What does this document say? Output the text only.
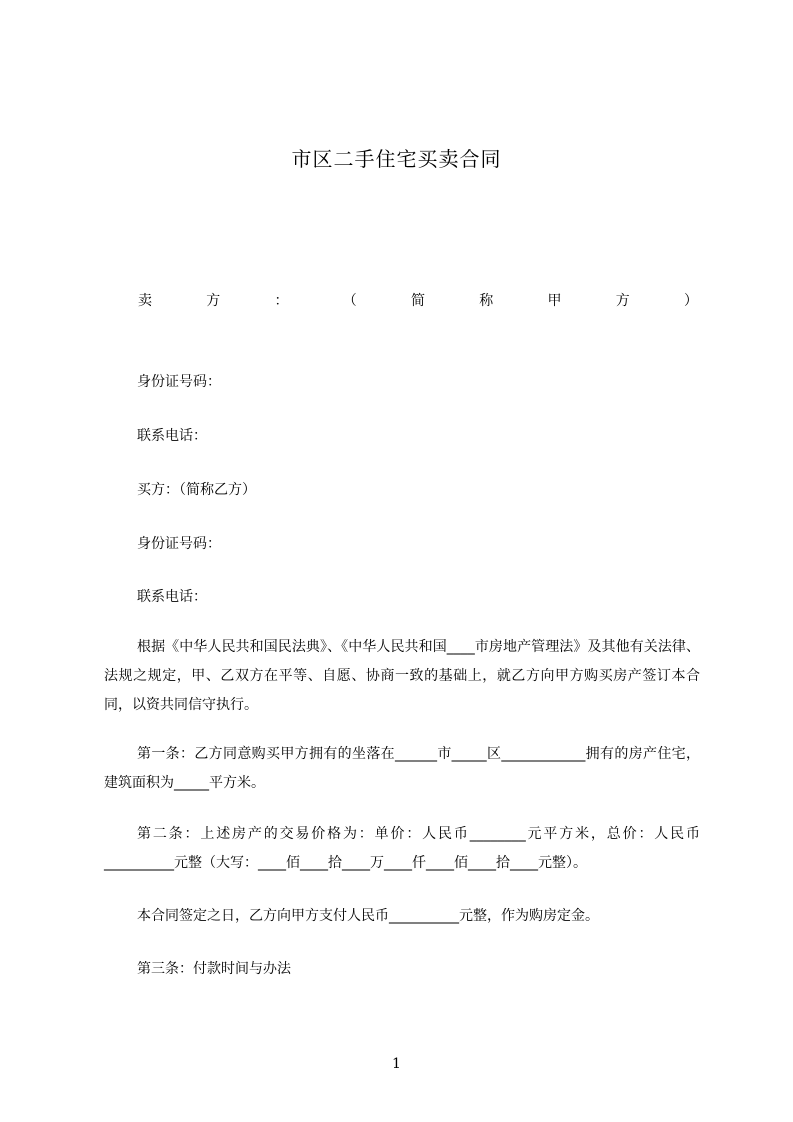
市区二手住宅买卖合同
卖	方	：	（	简	称	甲	方	）
身份证号码：
联系电话：
买方：（简称乙方）
身份证号码：
联系电话：
根据《中华人民共和国民法典》、《中华人民共和国____市房地产管理法》及其他有关法律、法规之规定，甲、乙双方在平等、自愿、协商一致的基础上，就乙方向甲方购买房产签订本合同，以资共同信守执行。
第一条：乙方同意购买甲方拥有的坐落在______市_____区____________拥有的房产住宅，建筑面积为_____平方米。
第二条：上述房产的交易价格为：单价：人民币________元平方米，总价：人民币__________元整（大写：____佰____拾____万____仟____佰____拾____元整）。
本合同签定之日，乙方向甲方支付人民币__________元整，作为购房定金。
第三条：付款时间与办法
1
